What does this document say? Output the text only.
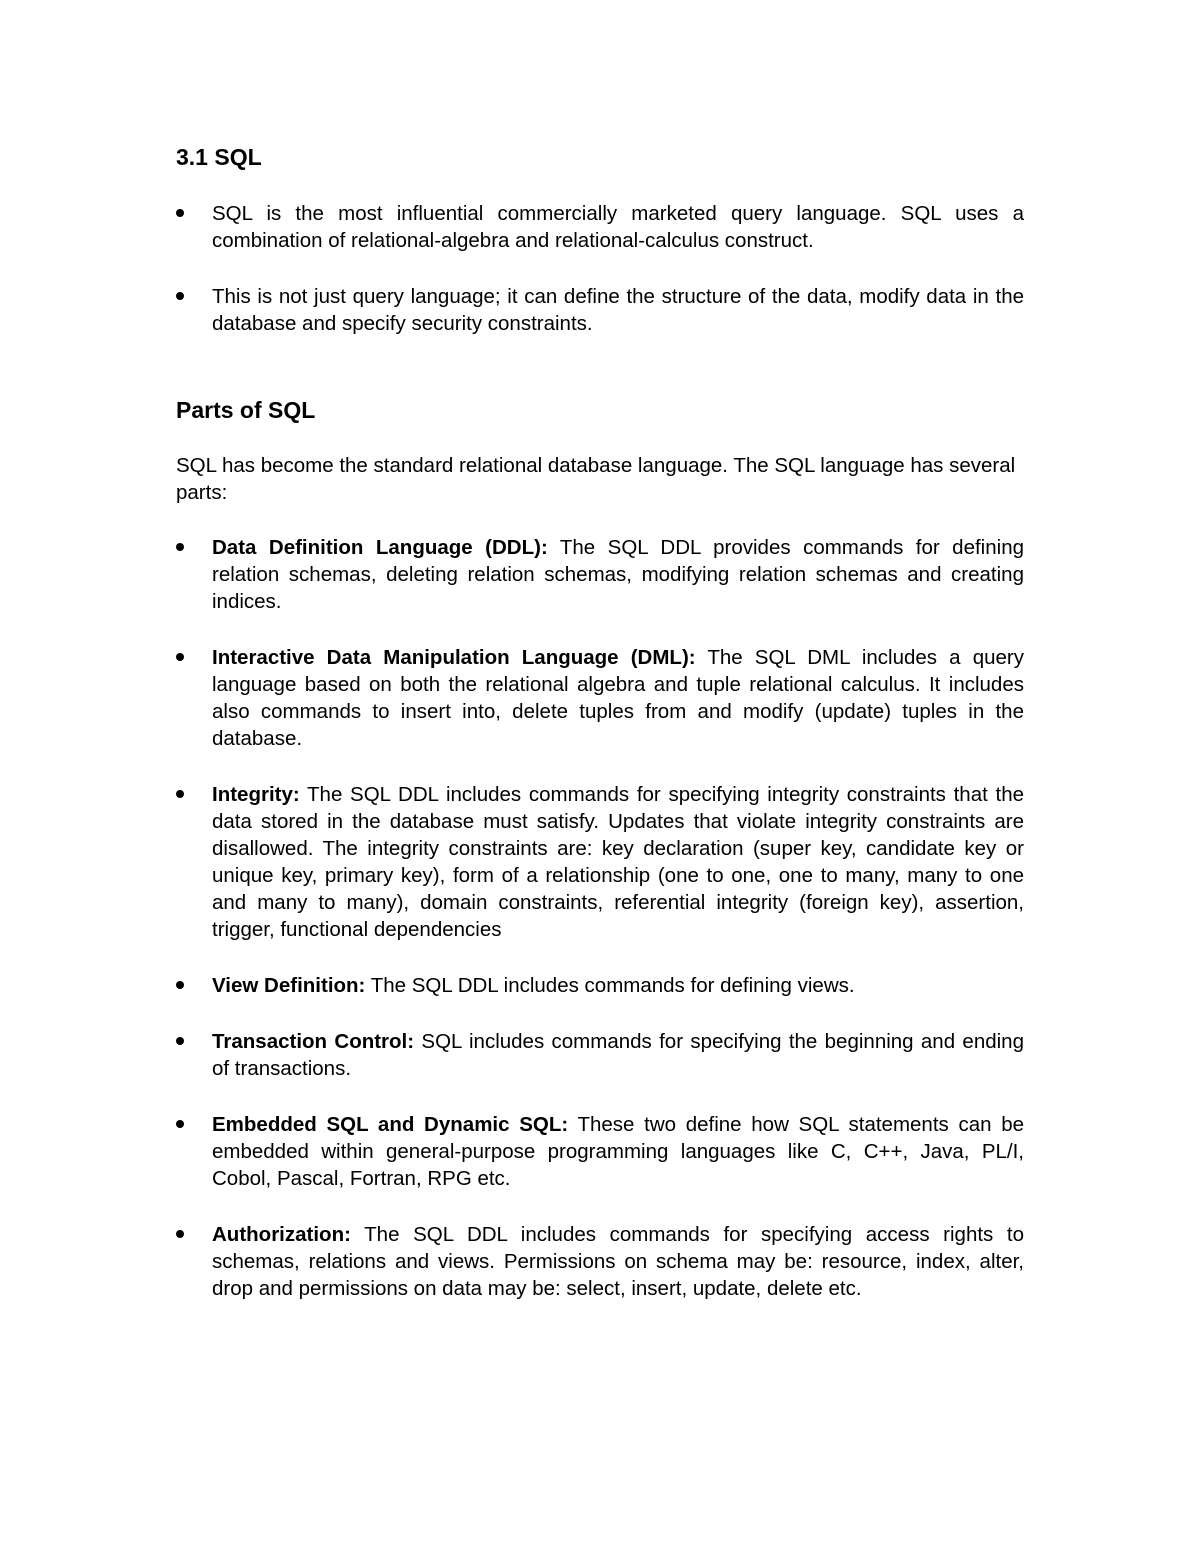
3.1 SQL
SQL is the most influential commercially marketed query language. SQL uses a combination of relational-algebra and relational-calculus construct.
This is not just query language; it can define the structure of the data, modify data in the database and specify security constraints.
Parts of SQL

SQL has become the standard relational database language. The SQL language has several parts:

Data Definition Language (DDL): The SQL DDL provides commands for defining relation schemas, deleting relation schemas, modifying relation schemas and creating indices.
Interactive Data Manipulation Language (DML): The SQL DML includes a query language based on both the relational algebra and tuple relational calculus. It includes also commands to insert into, delete tuples from and modify (update) tuples in the database.
Integrity: The SQL DDL includes commands for specifying integrity constraints that the data stored in the database must satisfy. Updates that violate integrity constraints are disallowed. The integrity constraints are: key declaration (super key, candidate key or unique key, primary key), form of a relationship (one to one, one to many, many to one and many to many), domain constraints, referential integrity (foreign key), assertion, trigger, functional dependencies
View Definition: The SQL DDL includes commands for defining views.
Transaction Control: SQL includes commands for specifying the beginning and ending of transactions.
Embedded SQL and Dynamic SQL: These two define how SQL statements can be embedded within general-purpose programming languages like C, C++, Java, PL/I, Cobol, Pascal, Fortran, RPG etc.
Authorization: The SQL DDL includes commands for specifying access rights to schemas, relations and views. Permissions on schema may be: resource, index, alter, drop and permissions on data may be: select, insert, update, delete etc.
